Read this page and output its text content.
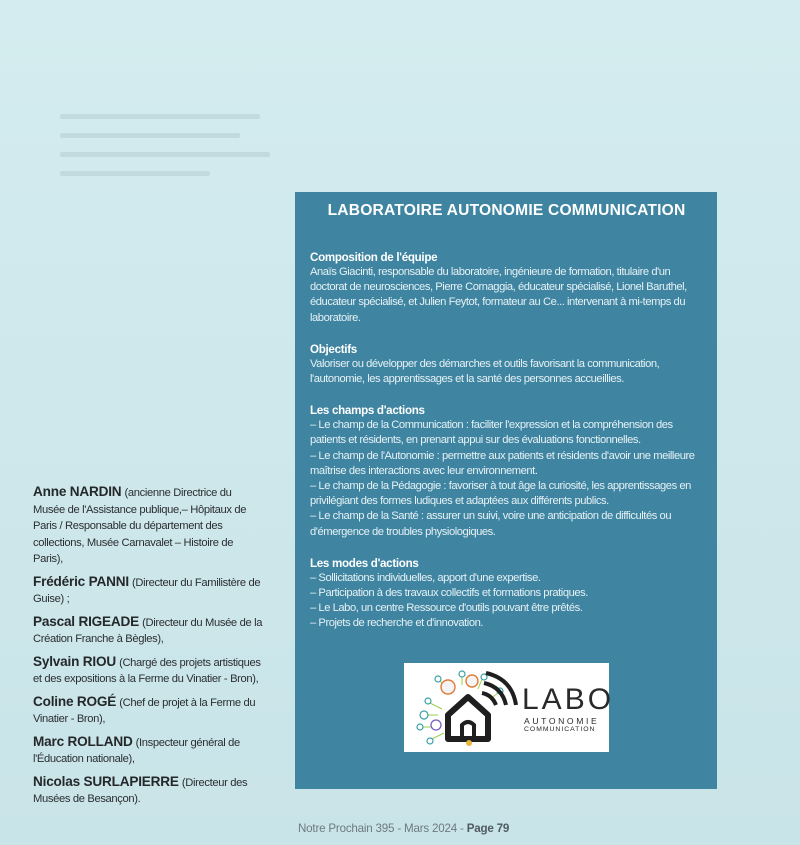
Anne NARDIN (ancienne Directrice du Musée de l'Assistance publique,– Hôpitaux de Paris / Responsable du département des collections, Musée Carnavalet – Histoire de Paris),
Frédéric PANNI (Directeur du Familistère de Guise) ;
Pascal RIGEADE (Directeur du Musée de la Création Franche à Bègles),
Sylvain RIOU (Chargé des projets artistiques et des expositions à la Ferme du Vinatier - Bron),
Coline ROGÉ (Chef de projet à la Ferme du Vinatier - Bron),
Marc ROLLAND (Inspecteur général de l'Éducation nationale),
Nicolas SURLAPIERRE (Directeur des Musées de Besançon).
LABORATOIRE AUTONOMIE COMMUNICATION
Composition de l'équipe
Anaïs Giacinti, responsable du laboratoire, ingénieure de formation, titulaire d'un doctorat de neurosciences, Pierre Cornaggia, éducateur spécialisé, Lionel Baruthel, éducateur spécialisé, et Julien Feytot, formateur au Ce... intervenant à mi-temps du laboratoire.
Objectifs
Valoriser ou développer des démarches et outils favorisant la communication, l'autonomie, les apprentissages et la santé des personnes accueillies.
Les champs d'actions
– Le champ de la Communication : faciliter l'expression et la compréhension des patients et résidents, en prenant appui sur des évaluations fonctionnelles.
– Le champ de l'Autonomie : permettre aux patients et résidents d'avoir une meilleure maîtrise des interactions avec leur environnement.
– Le champ de la Pédagogie : favoriser à tout âge la curiosité, les apprentissages en privilégiant des formes ludiques et adaptées aux différents publics.
– Le champ de la Santé : assurer un suivi, voire une anticipation de difficultés ou d'émergence de troubles physiologiques.
Les modes d'actions
– Sollicitations individuelles, apport d'une expertise.
– Participation à des travaux collectifs et formations pratiques.
– Le Labo, un centre Ressource d'outils pouvant être prêtés.
– Projets de recherche et d'innovation.
LABO
AUTONOMIE
COMMUNICATION
Notre Prochain 395 - Mars 2024 - Page 79
